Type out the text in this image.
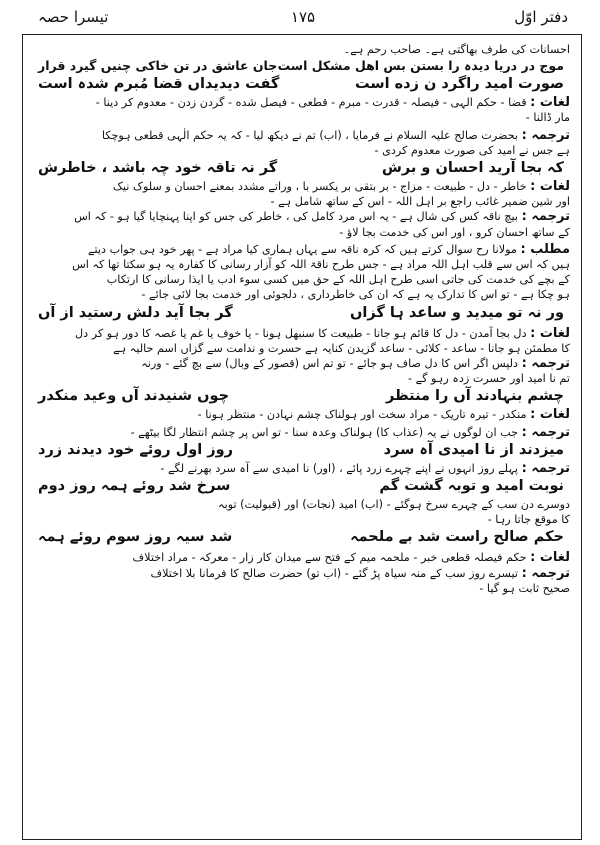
دفتر اوّل
۱۷۵
تیسرا حصہ
احسانات کی طرف بھاگتی ہے۔ صاحب رحم ہے۔
موج در دریا دیدہ را بستن بس اهل مشکل است
جان عاشق در تن خاکی چنیں گیرد قرار
صورت امید راگرد ن زده است
گفت دیدیداں قضا مُبرم شدہ است
لغات : قضا - حکم الہی - فیصلہ - قدرت - مبرم - قطعی - فیصل شده - گردن زدن - معدوم کر دینا -
مار ڈالنا -
ترجمہ : بحضرت صالح علیہ السلام نے فرمایا ، (اب) تم نے دیکھ لیا - کہ یہ حکم الٰہی قطعی ہوچکا
ہے جس نے امید کی صورت معدوم کردی -
کہ بجا آرید احسان و برش
گر نہ تاقہ خود چہ باشد ، خاطرش
لغات : خاطر - دل - طبیعت - مزاج - بر بتقی بر یکسر با ، وراتے مشدد بمعنے احسان و سلوک نیک
اور شین ضمیر غائب راجع بر اہل اللہ - اس کے ساتھ شامل ہے -
ترجمہ : بیچ ناقہ کس کی شال ہے - یہ اس مرد کامل کی ، خاطر کی جس کو اپنا پہنچایا گیا ہو - کہ اس
کے ساتھ احسان کرو ، اور اس کی خدمت بجا لاؤ -
مطلب : مولانا رح سوال کرتے ہیں کہ کرہ ناقہ سے یہاں ہماری کیا مراد ہے - پھر خود ہی جواب دیتے
ہیں کہ اس سے قلب اہل اللہ مراد ہے - جس طرح ناقۃ اللہ کو آزار رسانی کا کفارہ یہ ہو سکتا تھا کہ اس
کے بچے کی خدمت کی جاتی اسی طرح اہل اللہ کے حق میں کسی سوء ادب یا ایذا رسانی کا ارتکاب
ہو چکا ہے - تو اس کا تدارک یہ ہے کہ ان کی خاطرداری ، دلجوئی اور خدمت بجا لائی جائے -
ور نہ تو میدید و ساعد ہا گزاں
گر بجا آید دلش رستید از آں
لغات : دل بجا آمدن - دل کا قائم ہو جانا - طبیعت کا سنبھل ہونا - یا خوف یا غم یا غصہ کا دور ہو کر دل
کا مطمئن ہو جانا - ساعد - کلائی - ساعد گزیدن کنایہ ہے حسرت و ندامت سے گزاں اسم حالیہ ہے
ترجمہ : دلپس اگر اس کا دل صاف ہو جائے - تو تم اس (قصور کے وبال) سے بچ گئے - ورنہ
تم نا امید اور حسرت زدہ رہو گے -
چشم بنہادند آں را منتظر
چوں شنیدند آں وعید منکدر
لغات : منکدر - تیرہ تاریک - مراد سخت اور ہولناک چشم نہادن - منتظر ہونا -
ترجمہ : جب ان لوگوں نے یہ (عذاب کا) ہولناک وعدہ سنا - تو اس پر چشم انتظار لگا بیٹھے -
میزدند از نا امیدی آہ سرد
روز اول روئے خود دیدند زرد
ترجمہ : پہلے روز انہوں نے اپنے چہرے زرد پائے ، (اور) نا امیدی سے آہ سرد بھرنے لگے -
نوبت امید و توبہ گشت گم
سرخ شد روئے ہمہ روز دوم
دوسرے دن سب کے چہرے سرخ ہوگئے - (اب) امید (نجات) اور (قبولیت) توبہ
کا موقع جاتا رہا -
حکم صالح راست شد بے ملحمہ
شد سیہ روز سوم روئے ہمہ
لغات : حکم فیصلہ قطعی خبر - ملحمہ میم کے فتح سے میدان کار زار - معرکہ - مراد اختلاف
ترجمہ : تیسرے روز سب کے منہ سیاہ پڑ گئے - (اب تو) حضرت صالح کا فرمانا بلا اختلاف
صحیح ثابت ہو گیا -
